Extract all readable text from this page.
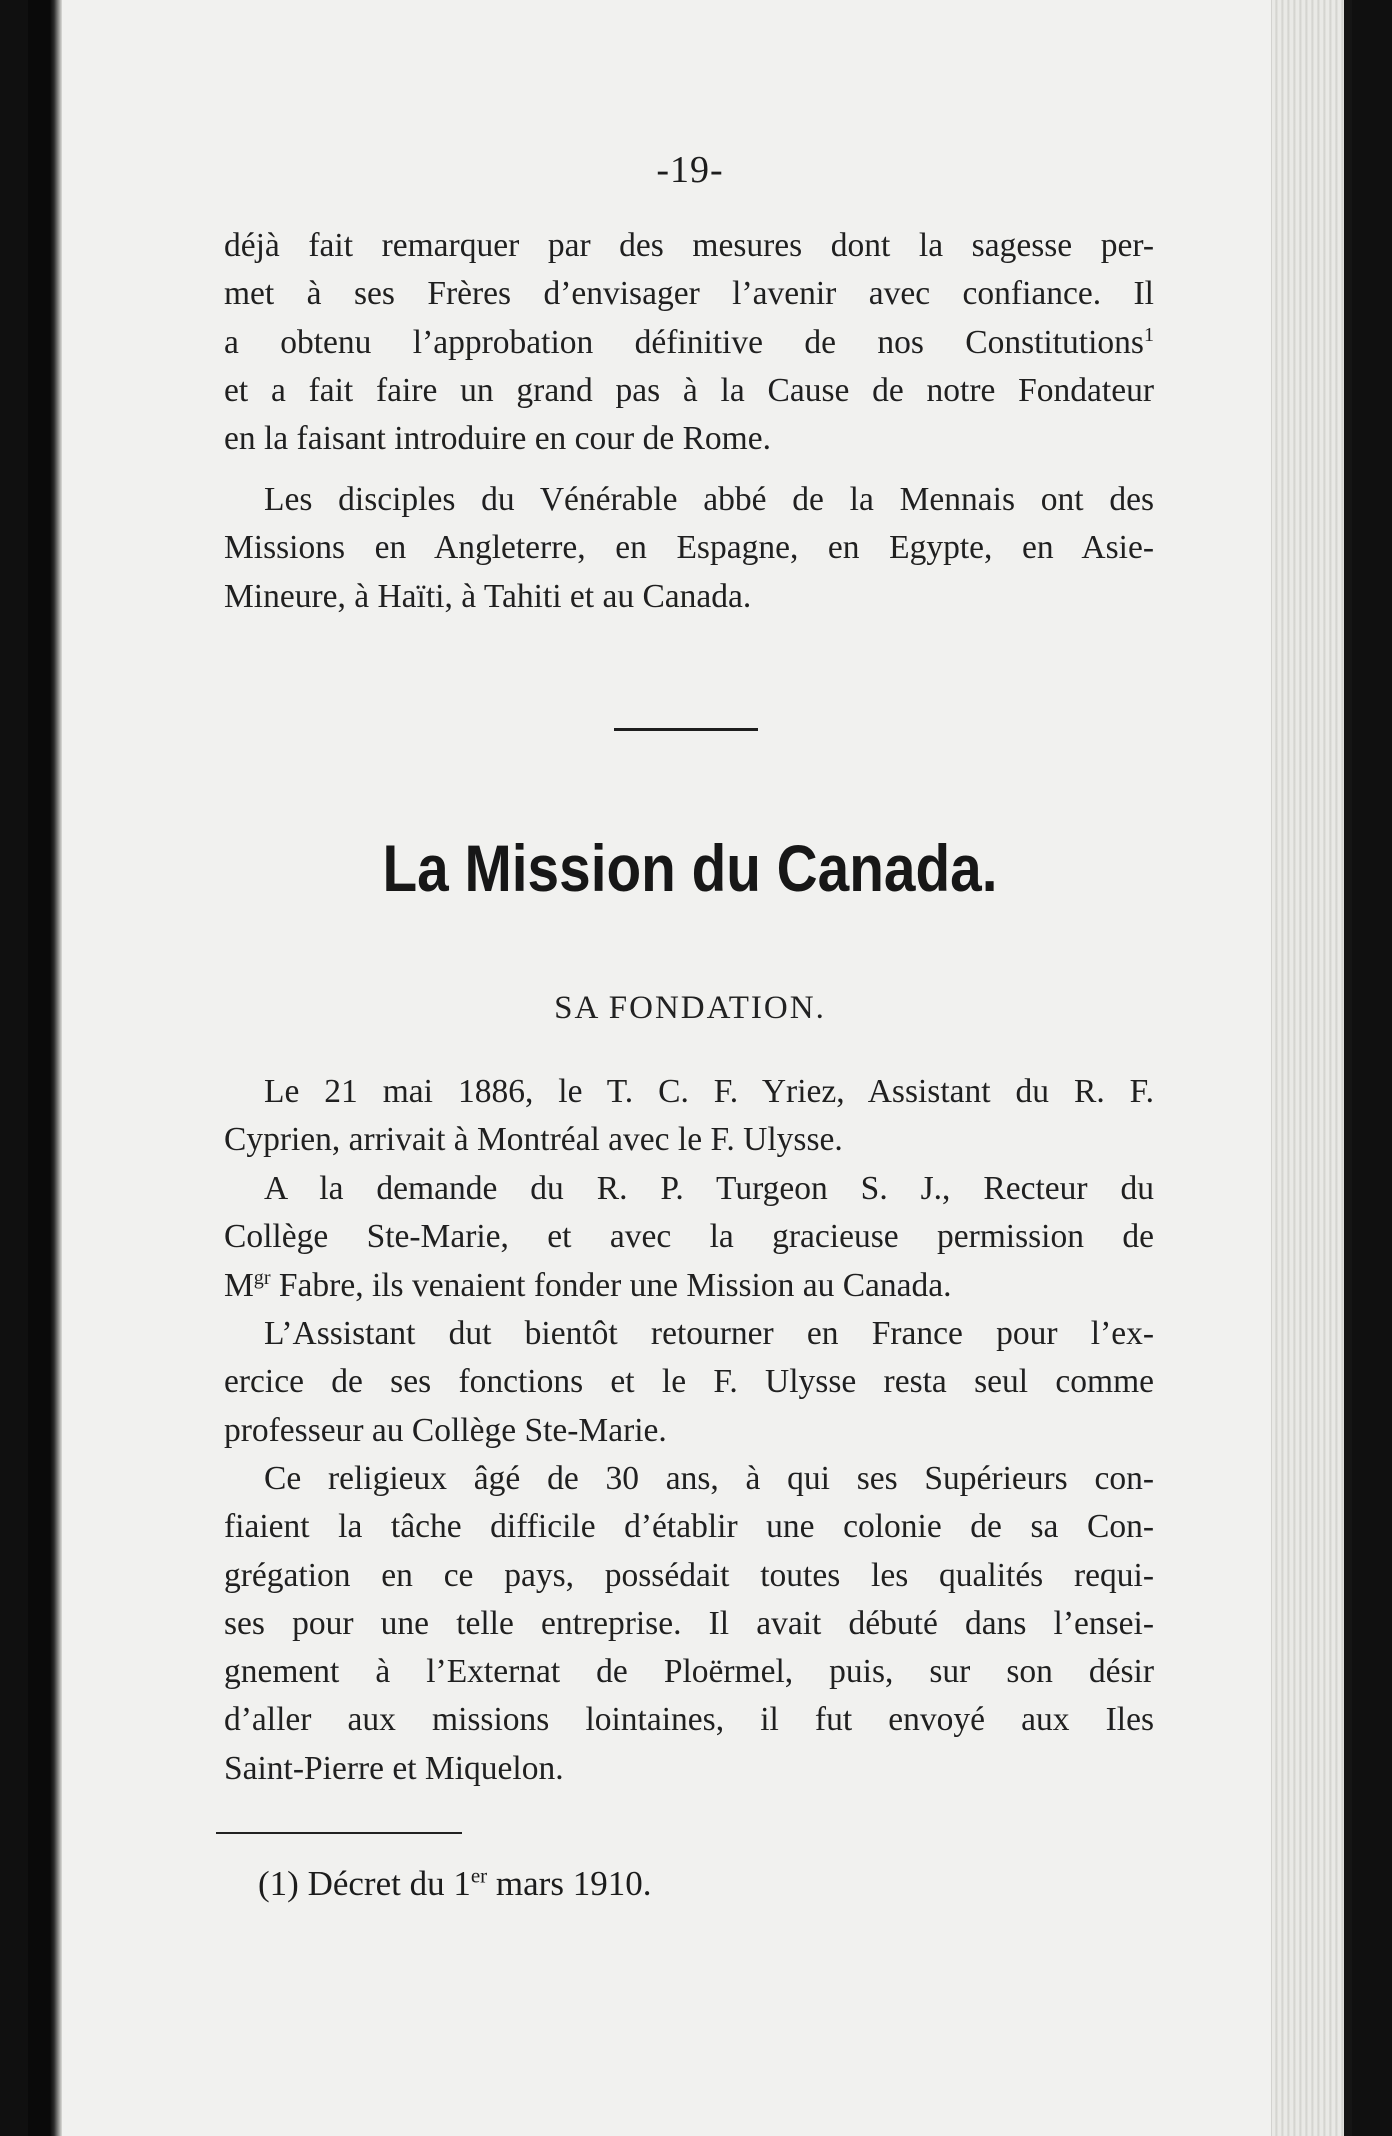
-19-
déjà fait remarquer par des mesures dont la sagesse per-
met à ses Frères d’envisager l’avenir avec confiance. Il
a obtenu l’approbation définitive de nos Constitutions$^1$
et a fait faire un grand pas à la Cause de notre Fondateur
en la faisant introduire en cour de Rome.
Les disciples du Vénérable abbé de la Mennais ont des
Missions en Angleterre, en Espagne, en Egypte, en Asie-
Mineure, à Haïti, à Tahiti et au Canada.
La Mission du Canada.
SA FONDATION.
Le 21 mai 1886, le T. C. F. Yriez, Assistant du R. F.
Cyprien, arrivait à Montréal avec le F. Ulysse.
A la demande du R. P. Turgeon S. J., Recteur du
Collège Ste-Marie, et avec la gracieuse permission de
$M^{gr}$ Fabre, ils venaient fonder une Mission au Canada.
L’Assistant dut bientôt retourner en France pour l’ex-
ercice de ses fonctions et le F. Ulysse resta seul comme
professeur au Collège Ste-Marie.
Ce religieux âgé de 30 ans, à qui ses Supérieurs con-
fiaient la tâche difficile d’établir une colonie de sa Con-
grégation en ce pays, possédait toutes les qualités requi-
ses pour une telle entreprise. Il avait débuté dans l’ensei-
gnement à l’Externat de Ploërmel, puis, sur son désir
d’aller aux missions lointaines, il fut envoyé aux Iles
Saint-Pierre et Miquelon.
(1) Décret du 1er mars 1910.
